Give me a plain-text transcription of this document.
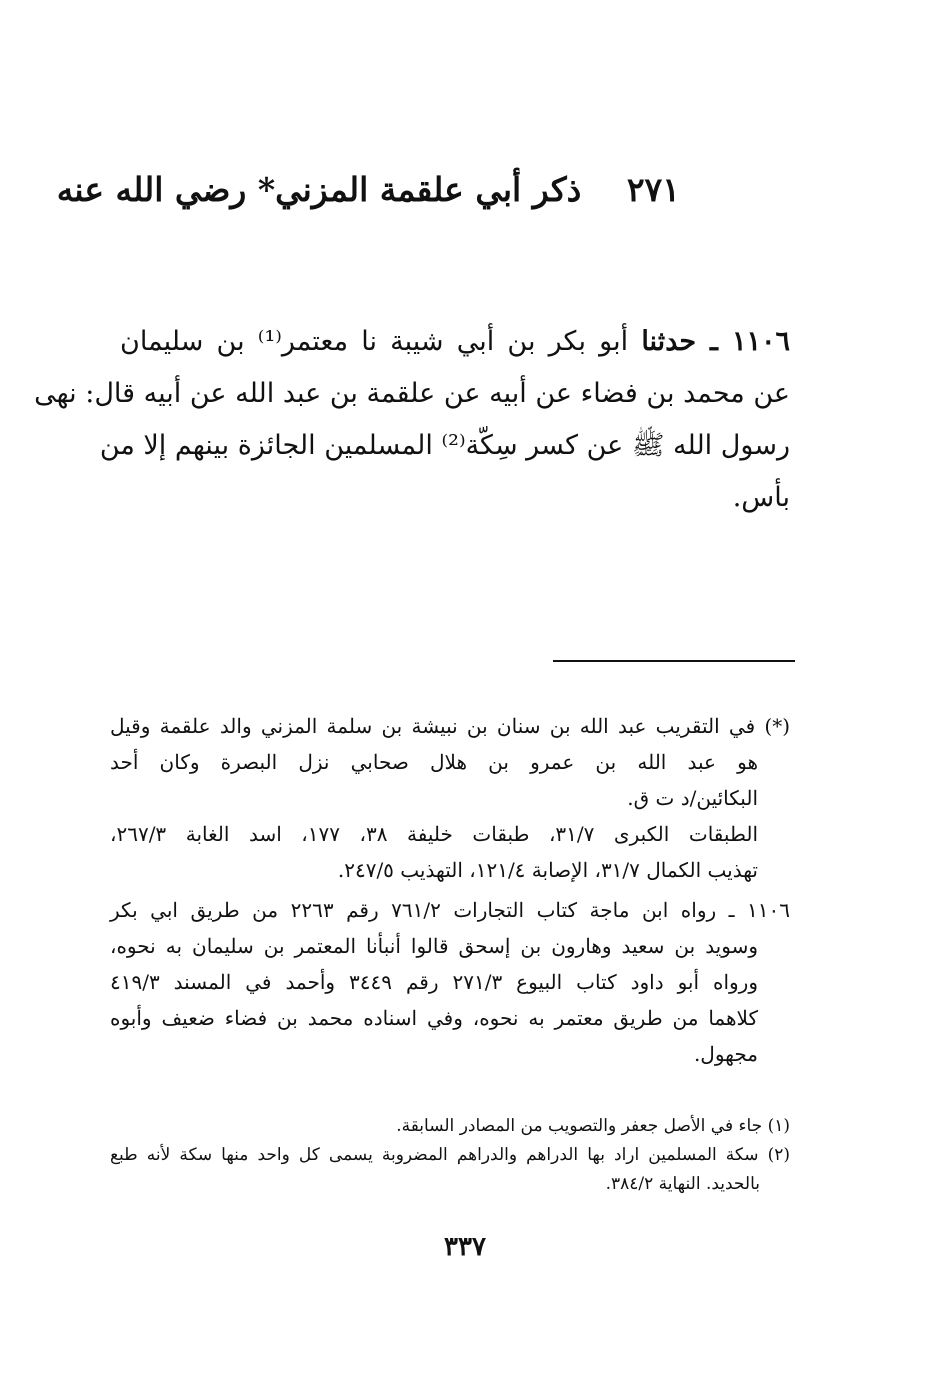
٢٧١ ذكر أبي علقمة المزني* رضي الله عنه
١١٠٦ ـ حدثنا أبو بكر بن أبي شيبة نا معتمر⁽¹⁾ بن سليمان
عن محمد بن فضاء عن أبيه عن علقمة بن عبد الله عن أبيه قال: نهى
رسول الله ﷺ عن كسر سِكّة⁽²⁾ المسلمين الجائزة بينهم إلا من
بأس.
(*) في التقريب عبد الله بن سنان بن نبيشة بن سلمة المزني والد علقمة وقيل
هو عبد الله بن عمرو بن هلال صحابي نزل البصرة وكان أحد
البكائين/د ت ق.
الطبقات الكبرى ٣١/٧، طبقات خليفة ٣٨، ١٧٧، اسد الغابة ٢٦٧/٣،
تهذيب الكمال ٣١/٧، الإصابة ١٢١/٤، التهذيب ٢٤٧/٥.
١١٠٦ ـ رواه ابن ماجة كتاب التجارات ٧٦١/٢ رقم ٢٢٦٣ من طريق ابي بكر
وسويد بن سعيد وهارون بن إسحق قالوا أنبأنا المعتمر بن سليمان به نحوه،
ورواه أبو داود كتاب البيوع ٢٧١/٣ رقم ٣٤٤٩ وأحمد في المسند ٤١٩/٣
كلاهما من طريق معتمر به نحوه، وفي اسناده محمد بن فضاء ضعيف وأبوه
مجهول.
(١) جاء في الأصل جعفر والتصويب من المصادر السابقة.
(٢) سكة المسلمين اراد بها الدراهم والدراهم المضروبة يسمى كل واحد منها سكة لأنه طبع
بالحديد. النهاية ٣٨٤/٢.
٣٣٧
